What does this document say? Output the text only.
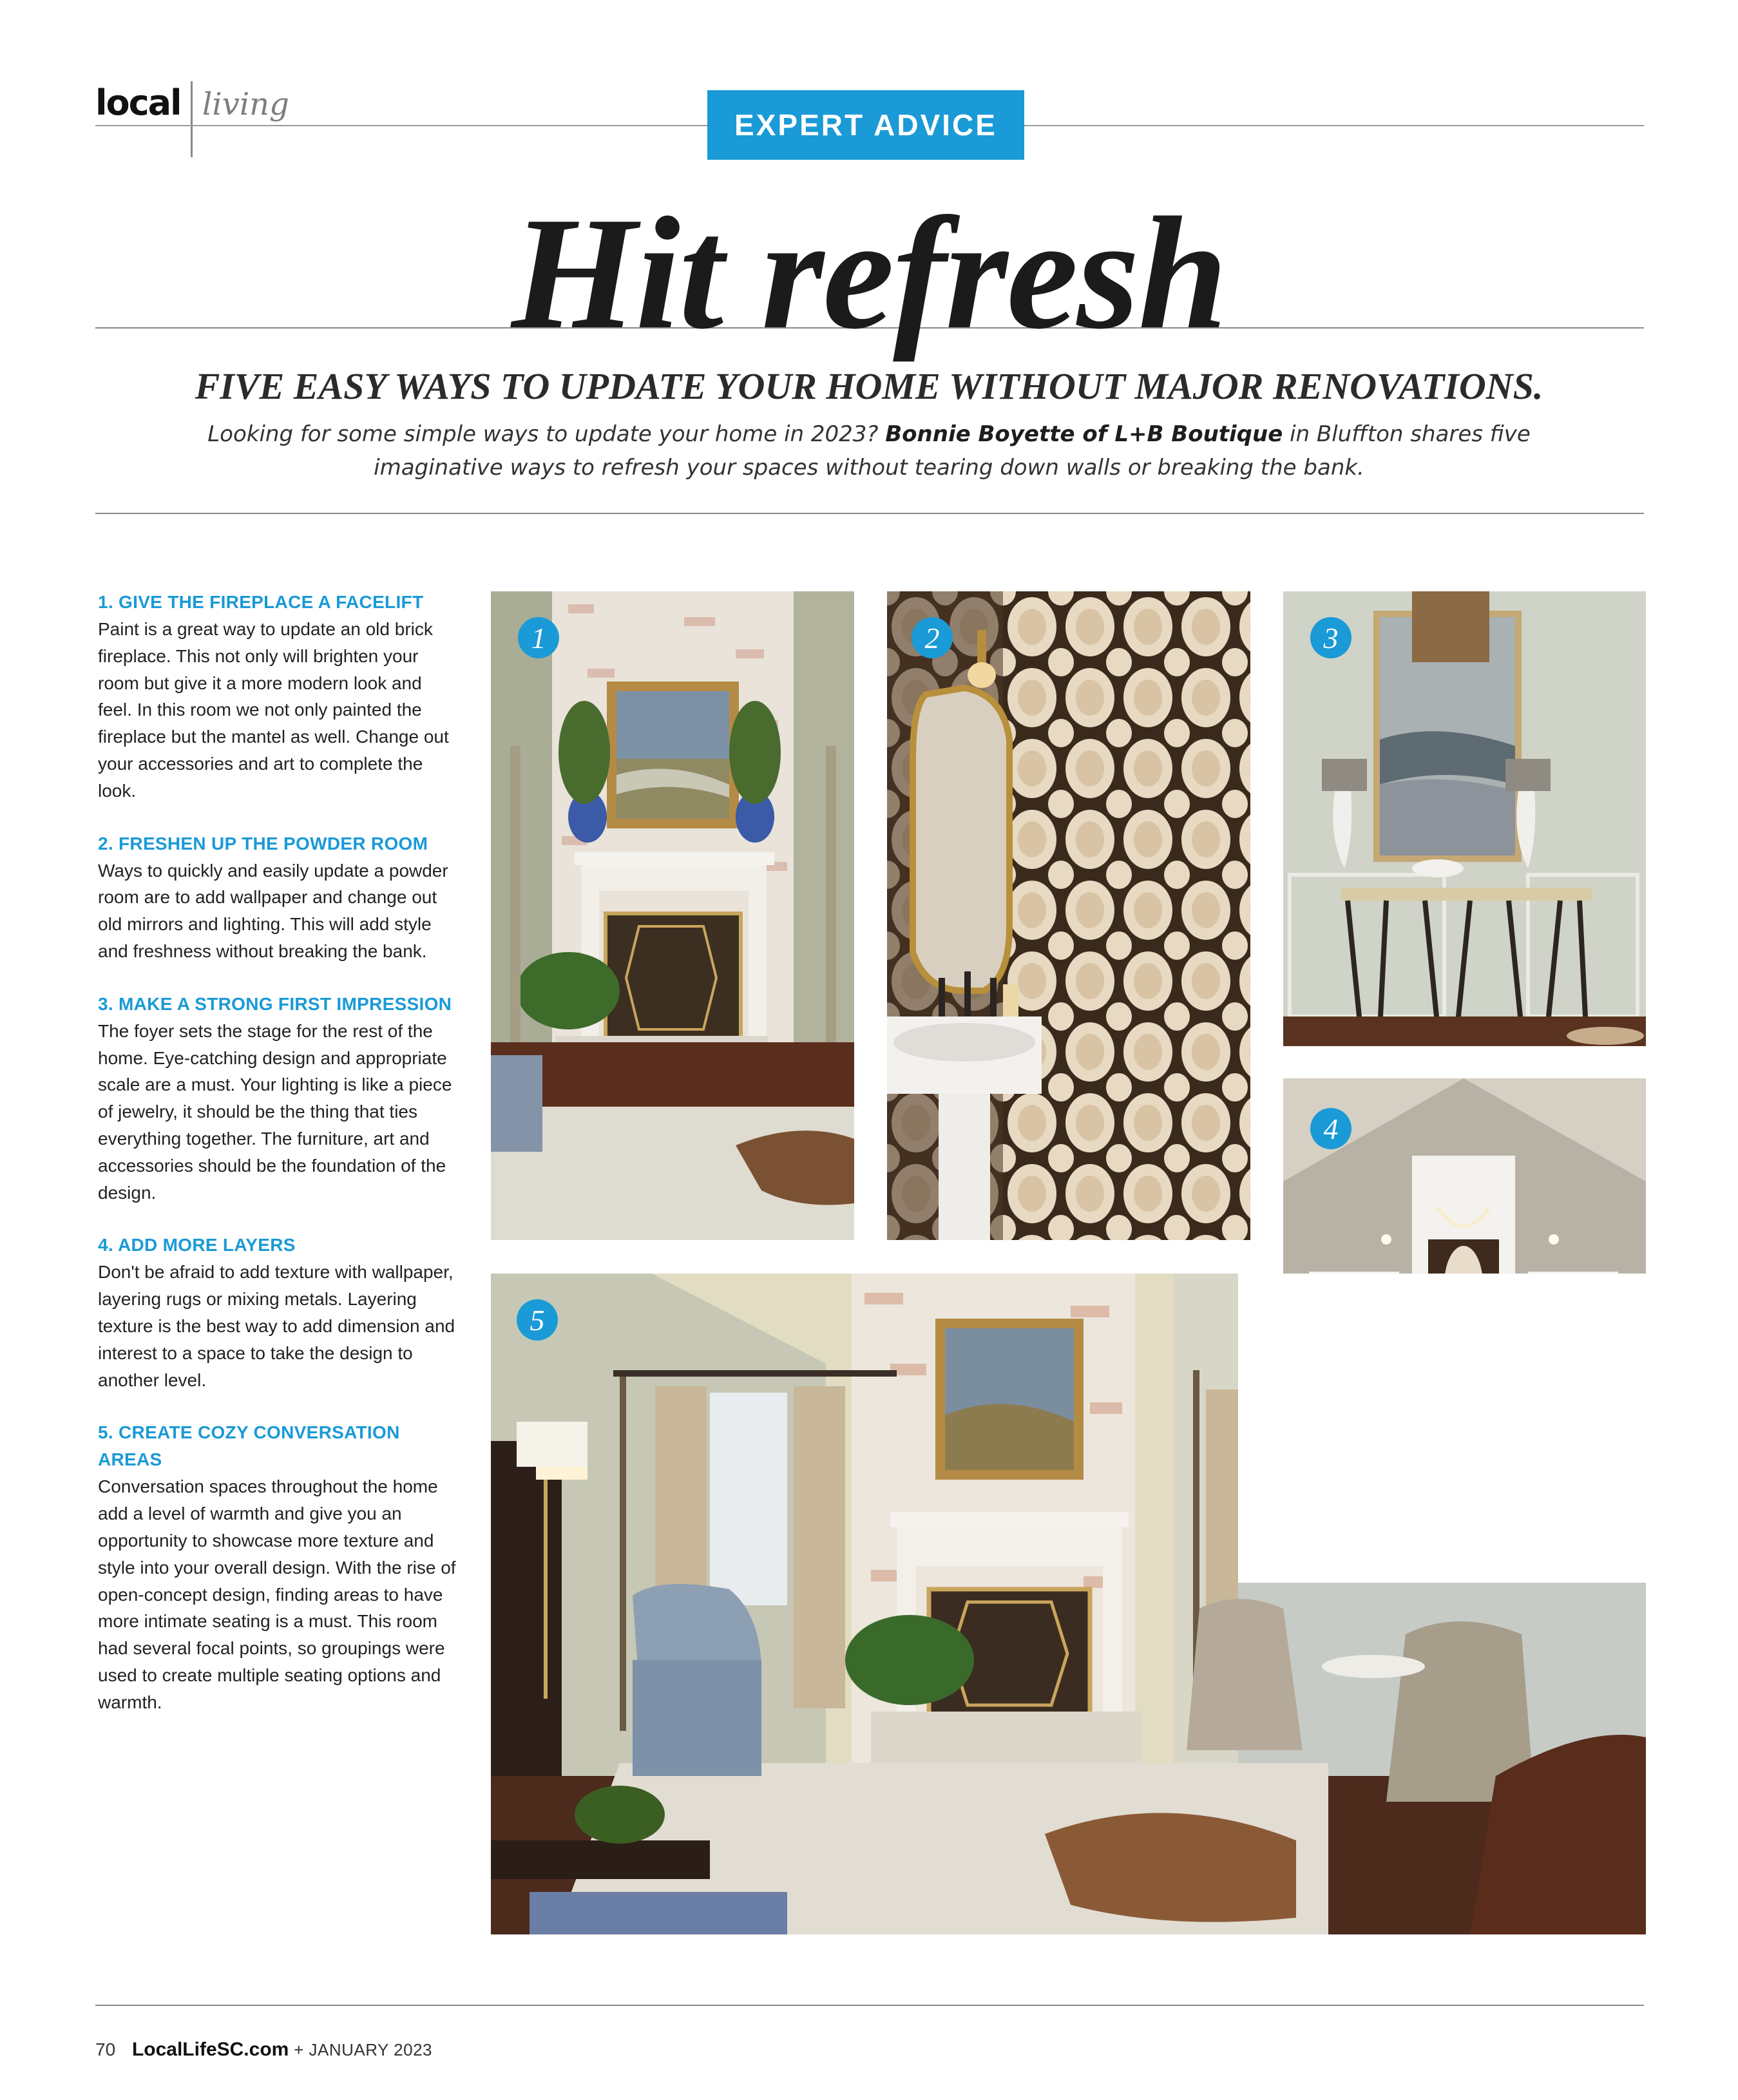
local living
EXPERT ADVICE
Hit refresh
FIVE EASY WAYS TO UPDATE YOUR HOME WITHOUT MAJOR RENOVATIONS.

Looking for some simple ways to update your home in 2023? Bonnie Boyette of L+B Boutique in Bluffton shares five imaginative ways to refresh your spaces without tearing down walls or breaking the bank.

1. GIVE THE FIREPLACE A FACELIFT
Paint is a great way to update an old brick fireplace. This not only will brighten your room but give it a more modern look and feel. In this room we not only painted the fireplace but the mantel as well. Change out your accessories and art to complete the look.
2. FRESHEN UP THE POWDER ROOM
Ways to quickly and easily update a powder room are to add wallpaper and change out old mirrors and lighting. This will add style and freshness without breaking the bank.
3. MAKE A STRONG FIRST IMPRESSION
The foyer sets the stage for the rest of the home. Eye-catching design and appropriate scale are a must. Your lighting is like a piece of jewelry, it should be the thing that ties everything together. The furniture, art and accessories should be the foundation of the design.
4. ADD MORE LAYERS
Don't be afraid to add texture with wallpaper, layering rugs or mixing metals. Layering texture is the best way to add dimension and interest to a space to take the design to another level.
5. CREATE COZY CONVERSATION AREAS
Conversation spaces throughout the home add a level of warmth and give you an opportunity to showcase more texture and style into your overall design. With the rise of open-concept design, finding areas to have more intimate seating is a must. This room had several focal points, so groupings were used to create multiple seating options and warmth.
1	2	3
4
5
70 LocalLifeSC.com + JANUARY 2023
